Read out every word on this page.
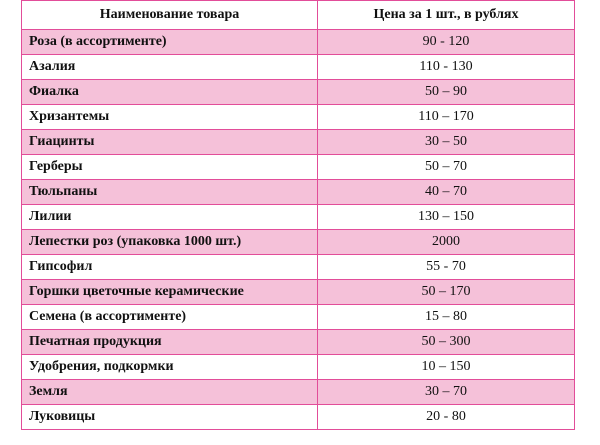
Наименование товара	Цена за 1 шт., в рублях
Роза (в ассортименте)	90 - 120
Азалия	110 - 130
Фиалка	50 – 90
Хризантемы	110 – 170
Гиацинты	30 – 50
Герберы	50 – 70
Тюльпаны	40 – 70
Лилии	130 – 150
Лепестки роз (упаковка 1000 шт.)	2000
Гипсофил	55 - 70
Горшки цветочные керамические	50 – 170
Семена (в ассортименте)	15 – 80
Печатная продукция	50 – 300
Удобрения, подкормки	10 – 150
Земля	30 – 70
Луковицы	20 - 80
